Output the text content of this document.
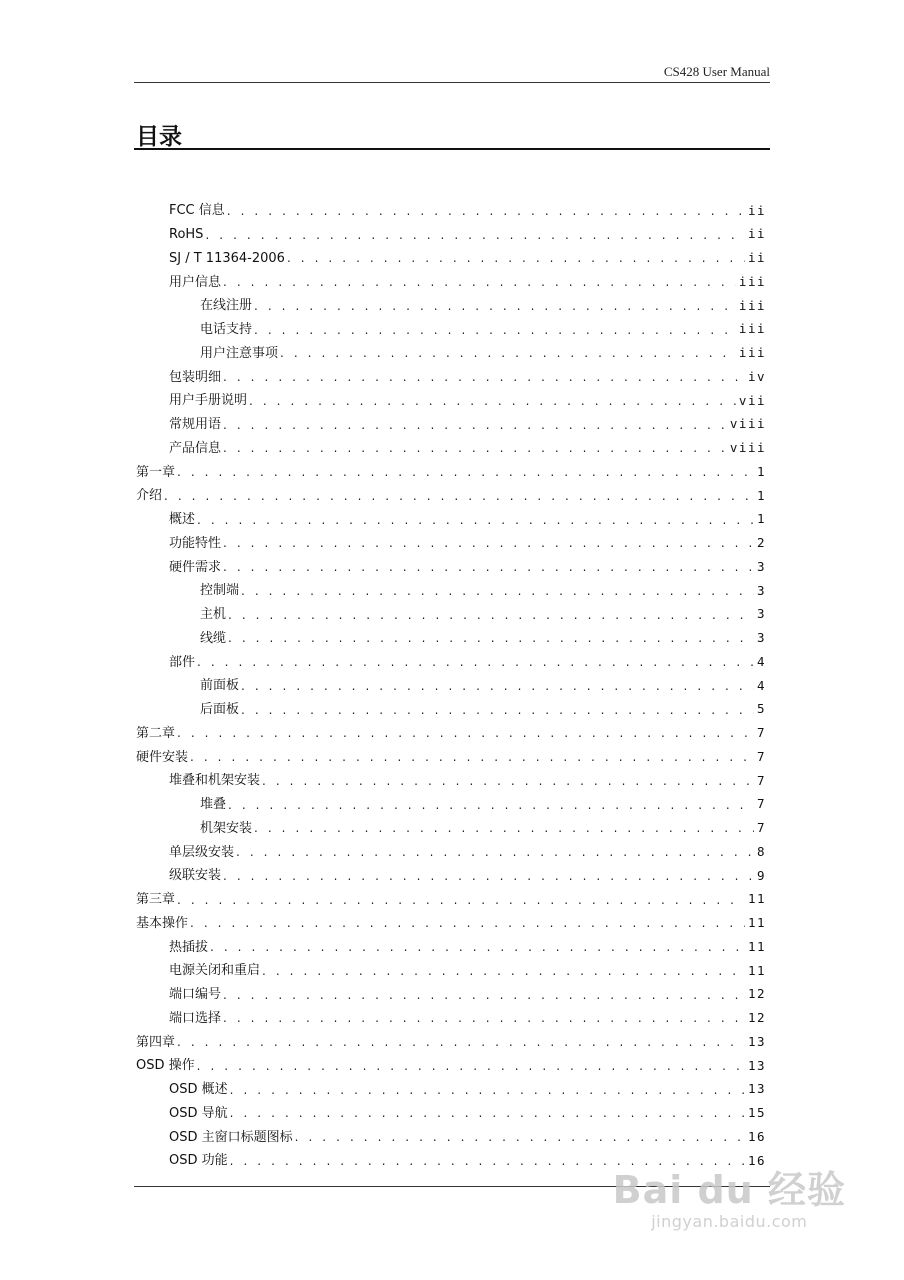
CS428 User Manual
目录
FCC 信息 . . .	ii
RoHS . . .	ii
SJ / T 11364-2006 . . .	ii
用户信息 . . .	iii
在线注册 . . .	iii
电话支持 . . .	iii
用户注意事项 . . .	iii
包装明细 . . .	iv
用户手册说明 . . .	vii
常规用语 . . .	viii
产品信息 . . .	viii
第一章 . . .	1
介绍 . . .	1
概述 . . .	1
功能特性 . . .	2
硬件需求 . . .	3
控制端 . . .	3
主机 . . .	3
线缆 . . .	3
部件 . . .	4
前面板 . . .	4
后面板 . . .	5
第二章 . . .	7
硬件安装 . . .	7
堆叠和机架安装 . . .	7
堆叠 . . .	7
机架安装 . . .	7
单层级安装 . . .	8
级联安装 . . .	9
第三章 . . .	11
基本操作 . . .	11
热插拔 . . .	11
电源关闭和重启 . . .	11
端口编号 . . .	12
端口选择 . . .	12
第四章 . . .	13
OSD 操作 . . .	13
OSD 概述 . . .	13
OSD 导航 . . .	15
OSD 主窗口标题图标 . . .	16
OSD 功能 . . .	16
Bai du 经验
jingyan.baidu.com
